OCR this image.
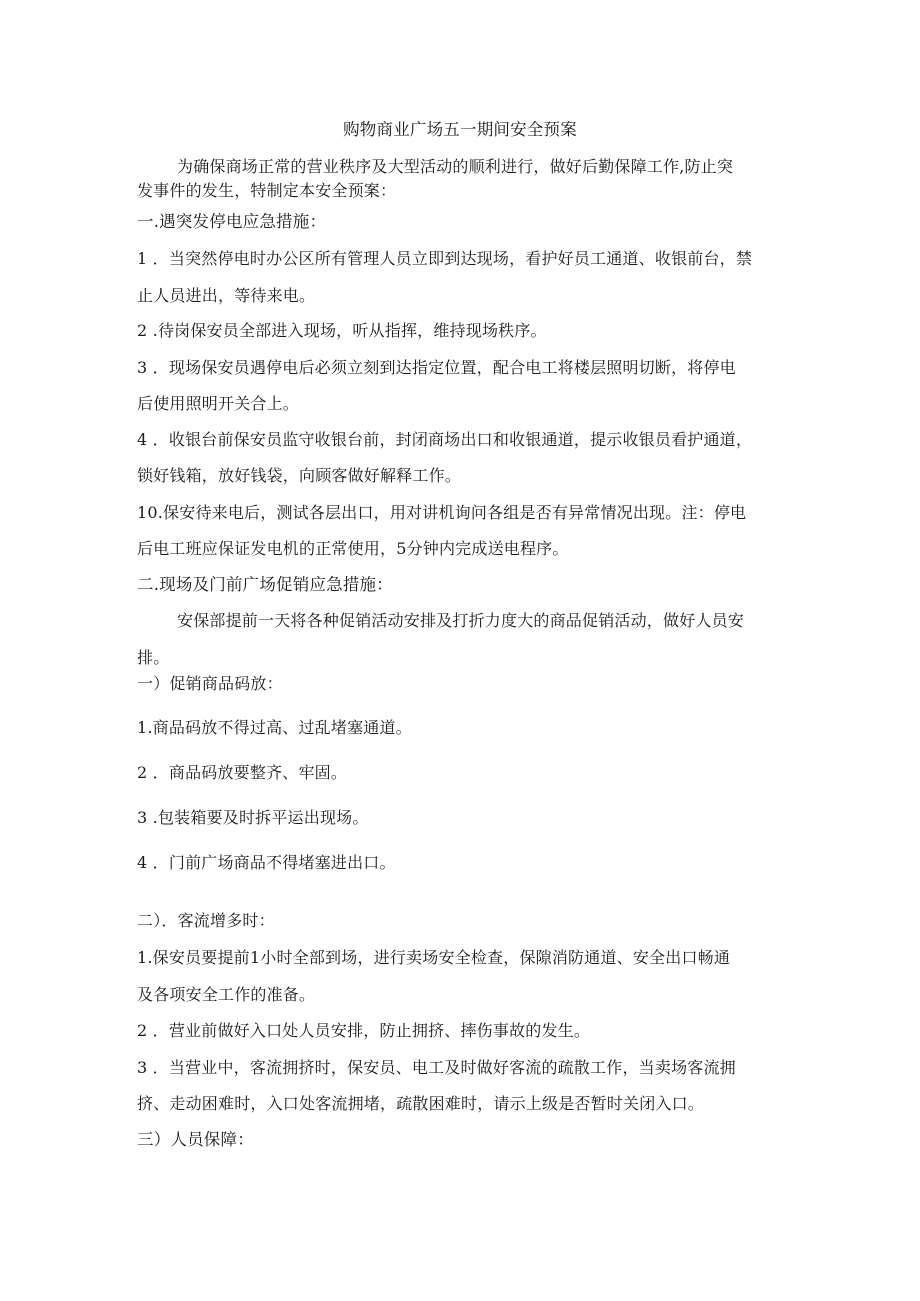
购物商业广场五一期间安全预案
为确保商场正常的营业秩序及大型活动的顺利进行，做好后勤保障工作,防止突
发事件的发生，特制定本安全预案：
一.遇突发停电应急措施：
1 ．当突然停电时办公区所有管理人员立即到达现场，看护好员工通道、收银前台，禁
止人员进出，等待来电。
2 .待岗保安员全部进入现场，听从指挥，维持现场秩序。
3 ．现场保安员遇停电后必须立刻到达指定位置，配合电工将楼层照明切断，将停电
后使用照明开关合上。
4 ．收银台前保安员监守收银台前，封闭商场出口和收银通道，提示收银员看护通道，
锁好钱箱，放好钱袋，向顾客做好解释工作。
10.保安待来电后，测试各层出口，用对讲机询问各组是否有异常情况出现。注：停电
后电工班应保证发电机的正常使用，5分钟内完成送电程序。
二.现场及门前广场促销应急措施：
安保部提前一天将各种促销活动安排及打折力度大的商品促销活动，做好人员安
排。
一）促销商品码放：
1.商品码放不得过高、过乱堵塞通道。
2 ．商品码放要整齐、牢固。
3 .包装箱要及时拆平运出现场。
4 ．门前广场商品不得堵塞进出口。
二）．客流增多时：
1.保安员要提前1小时全部到场，进行卖场安全检查，保隙消防通道、安全出口畅通
及各项安全工作的准备。
2 ．营业前做好入口处人员安排，防止拥挤、摔伤事故的发生。
3 ．当营业中，客流拥挤时，保安员、电工及时做好客流的疏散工作，当卖场客流拥
挤、走动困难时，入口处客流拥堵，疏散困难时，请示上级是否暂时关闭入口。
三）人员保障：
